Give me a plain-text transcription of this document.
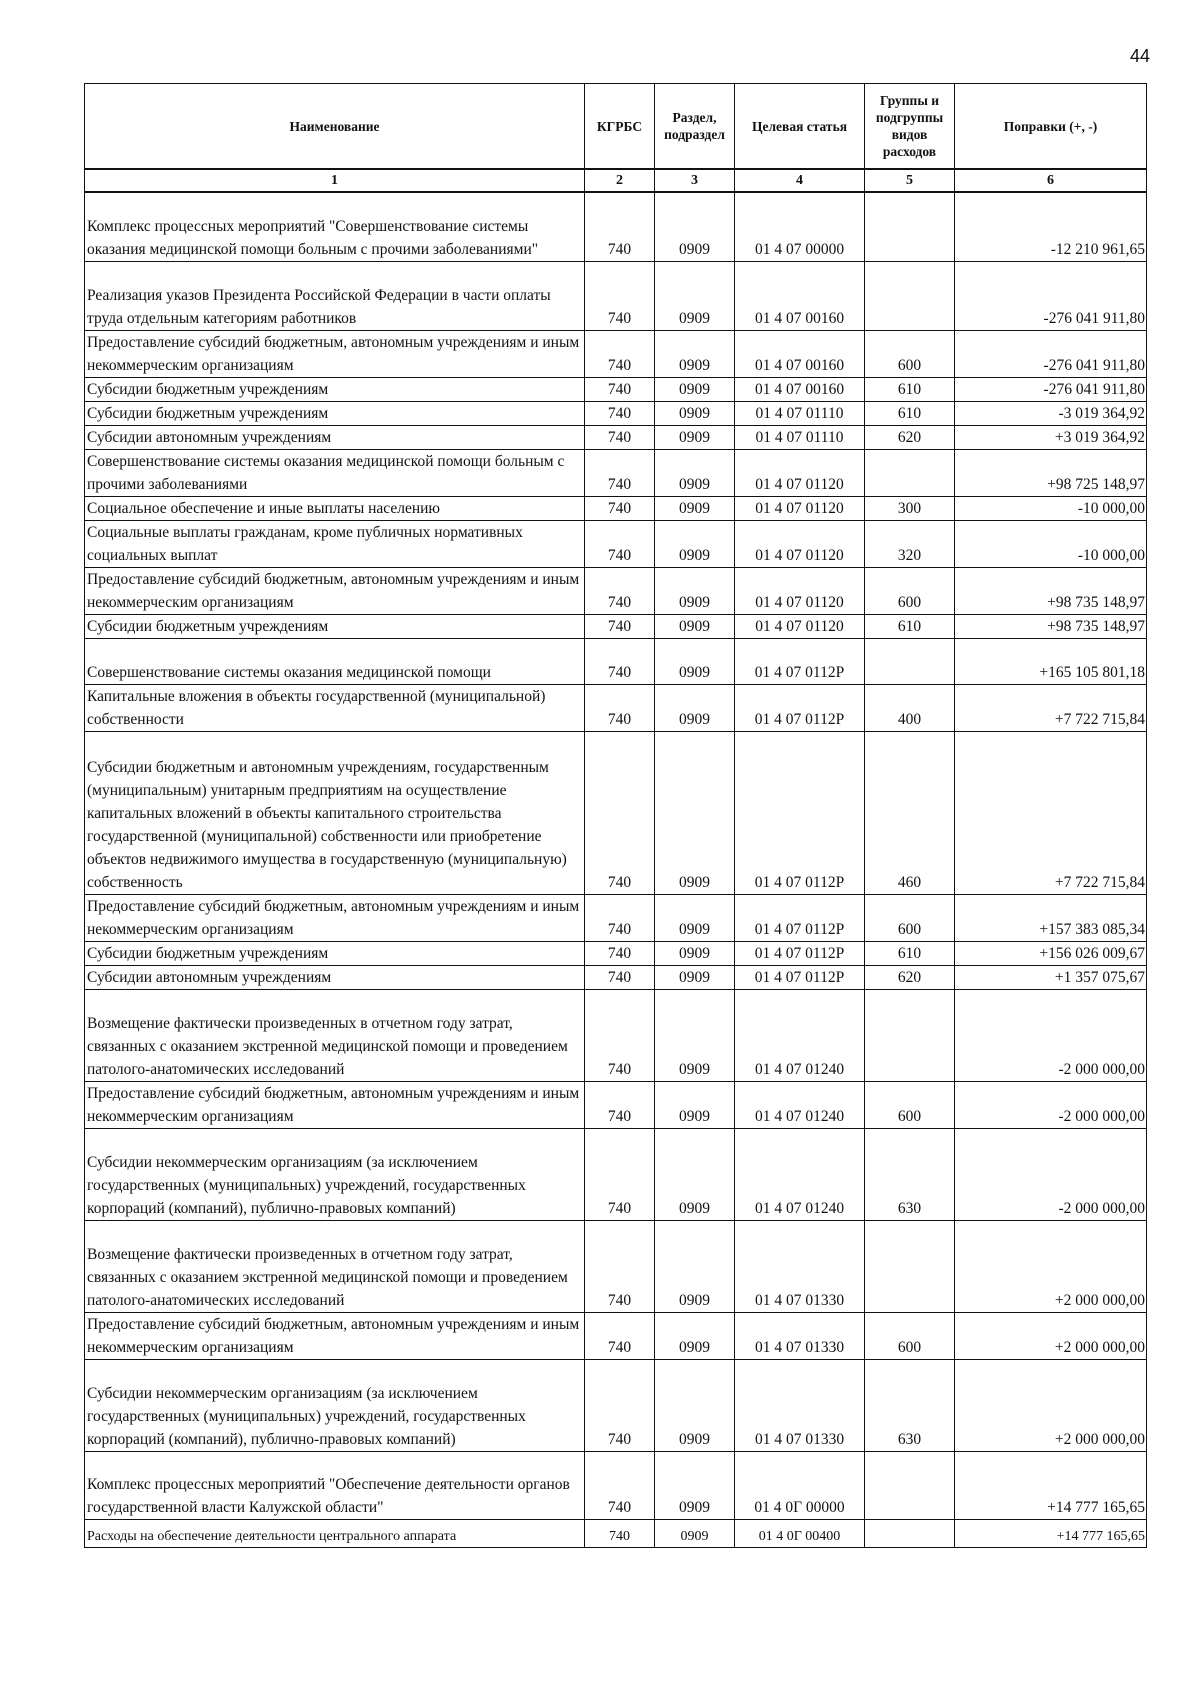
44
Наименование	КГРБС	Раздел, подраздел	Целевая статья	Группы и подгруппы видов расходов	Поправки (+, -)
1	2	3	4	5	6
Комплекс процессных мероприятий "Совершенствование системы оказания медицинской помощи больным с прочими заболеваниями"	740	0909	01 4 07 00000		-12 210 961,65
Реализация указов Президента Российской Федерации в части оплаты труда отдельным категориям работников	740	0909	01 4 07 00160		-276 041 911,80
Предоставление субсидий бюджетным, автономным учреждениям и иным некоммерческим организациям	740	0909	01 4 07 00160	600	-276 041 911,80
Субсидии бюджетным учреждениям	740	0909	01 4 07 00160	610	-276 041 911,80
Субсидии бюджетным учреждениям	740	0909	01 4 07 01110	610	-3 019 364,92
Субсидии автономным учреждениям	740	0909	01 4 07 01110	620	+3 019 364,92
Совершенствование системы оказания медицинской помощи больным с прочими заболеваниями	740	0909	01 4 07 01120		+98 725 148,97
Социальное обеспечение и иные выплаты населению	740	0909	01 4 07 01120	300	-10 000,00
Социальные выплаты гражданам, кроме публичных нормативных социальных выплат	740	0909	01 4 07 01120	320	-10 000,00
Предоставление субсидий бюджетным, автономным учреждениям и иным некоммерческим организациям	740	0909	01 4 07 01120	600	+98 735 148,97
Субсидии бюджетным учреждениям	740	0909	01 4 07 01120	610	+98 735 148,97
Совершенствование системы оказания медицинской помощи	740	0909	01 4 07 0112Р		+165 105 801,18
Капитальные вложения в объекты государственной (муниципальной) собственности	740	0909	01 4 07 0112Р	400	+7 722 715,84
Субсидии бюджетным и автономным учреждениям, государственным (муниципальным) унитарным предприятиям на осуществление капитальных вложений в объекты капитального строительства государственной (муниципальной) собственности или приобретение объектов недвижимого имущества в государственную (муниципальную) собственность	740	0909	01 4 07 0112Р	460	+7 722 715,84
Предоставление субсидий бюджетным, автономным учреждениям и иным некоммерческим организациям	740	0909	01 4 07 0112Р	600	+157 383 085,34
Субсидии бюджетным учреждениям	740	0909	01 4 07 0112Р	610	+156 026 009,67
Субсидии автономным учреждениям	740	0909	01 4 07 0112Р	620	+1 357 075,67
Возмещение фактически произведенных в отчетном году затрат, связанных с оказанием экстренной медицинской помощи и проведением патолого-анатомических исследований	740	0909	01 4 07 01240		-2 000 000,00
Предоставление субсидий бюджетным, автономным учреждениям и иным некоммерческим организациям	740	0909	01 4 07 01240	600	-2 000 000,00
Субсидии некоммерческим организациям (за исключением государственных (муниципальных) учреждений, государственных корпораций (компаний), публично-правовых компаний)	740	0909	01 4 07 01240	630	-2 000 000,00
Возмещение фактически произведенных в отчетном году затрат, связанных с оказанием экстренной медицинской помощи и проведением патолого-анатомических исследований	740	0909	01 4 07 01330		+2 000 000,00
Предоставление субсидий бюджетным, автономным учреждениям и иным некоммерческим организациям	740	0909	01 4 07 01330	600	+2 000 000,00
Субсидии некоммерческим организациям (за исключением государственных (муниципальных) учреждений, государственных корпораций (компаний), публично-правовых компаний)	740	0909	01 4 07 01330	630	+2 000 000,00
Комплекс процессных мероприятий "Обеспечение деятельности органов государственной власти Калужской области"	740	0909	01 4 0Г 00000		+14 777 165,65
Расходы на обеспечение деятельности центрального аппарата	740	0909	01 4 0Г 00400		+14 777 165,65
